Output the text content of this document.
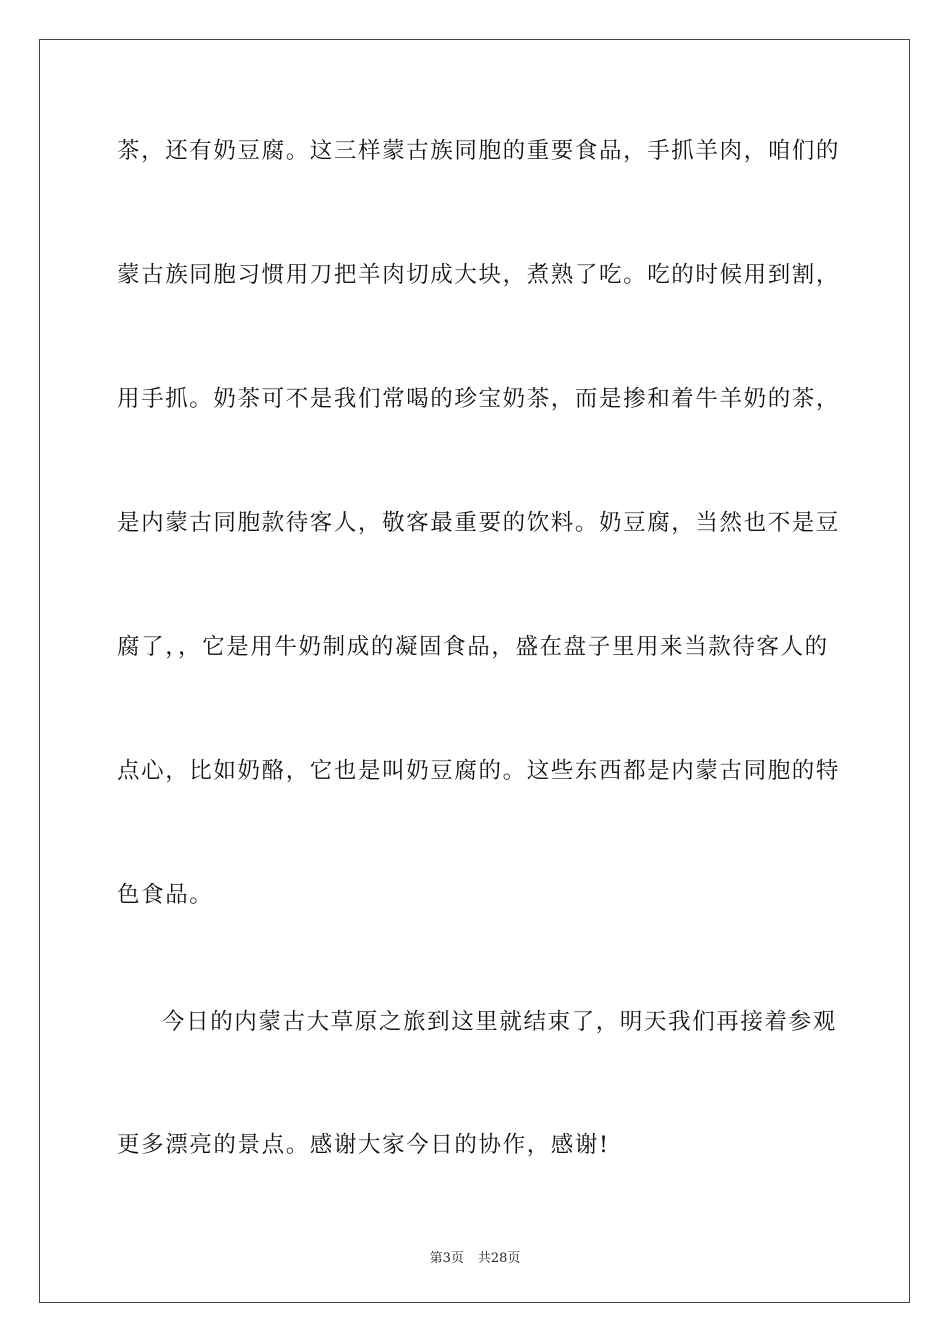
茶，还有奶豆腐。这三样蒙古族同胞的重要食品，手抓羊肉，咱们的
蒙古族同胞习惯用刀把羊肉切成大块，煮熟了吃。吃的时候用到割，
用手抓。奶茶可不是我们常喝的珍宝奶茶，而是掺和着牛羊奶的茶，
是内蒙古同胞款待客人，敬客最重要的饮料。奶豆腐，当然也不是豆
腐了，，它是用牛奶制成的凝固食品，盛在盘子里用来当款待客人的
点心，比如奶酪，它也是叫奶豆腐的。这些东西都是内蒙古同胞的特
色食品。
今日的内蒙古大草原之旅到这里就结束了，明天我们再接着参观
更多漂亮的景点。感谢大家今日的协作，感谢!
第3页 共28页
